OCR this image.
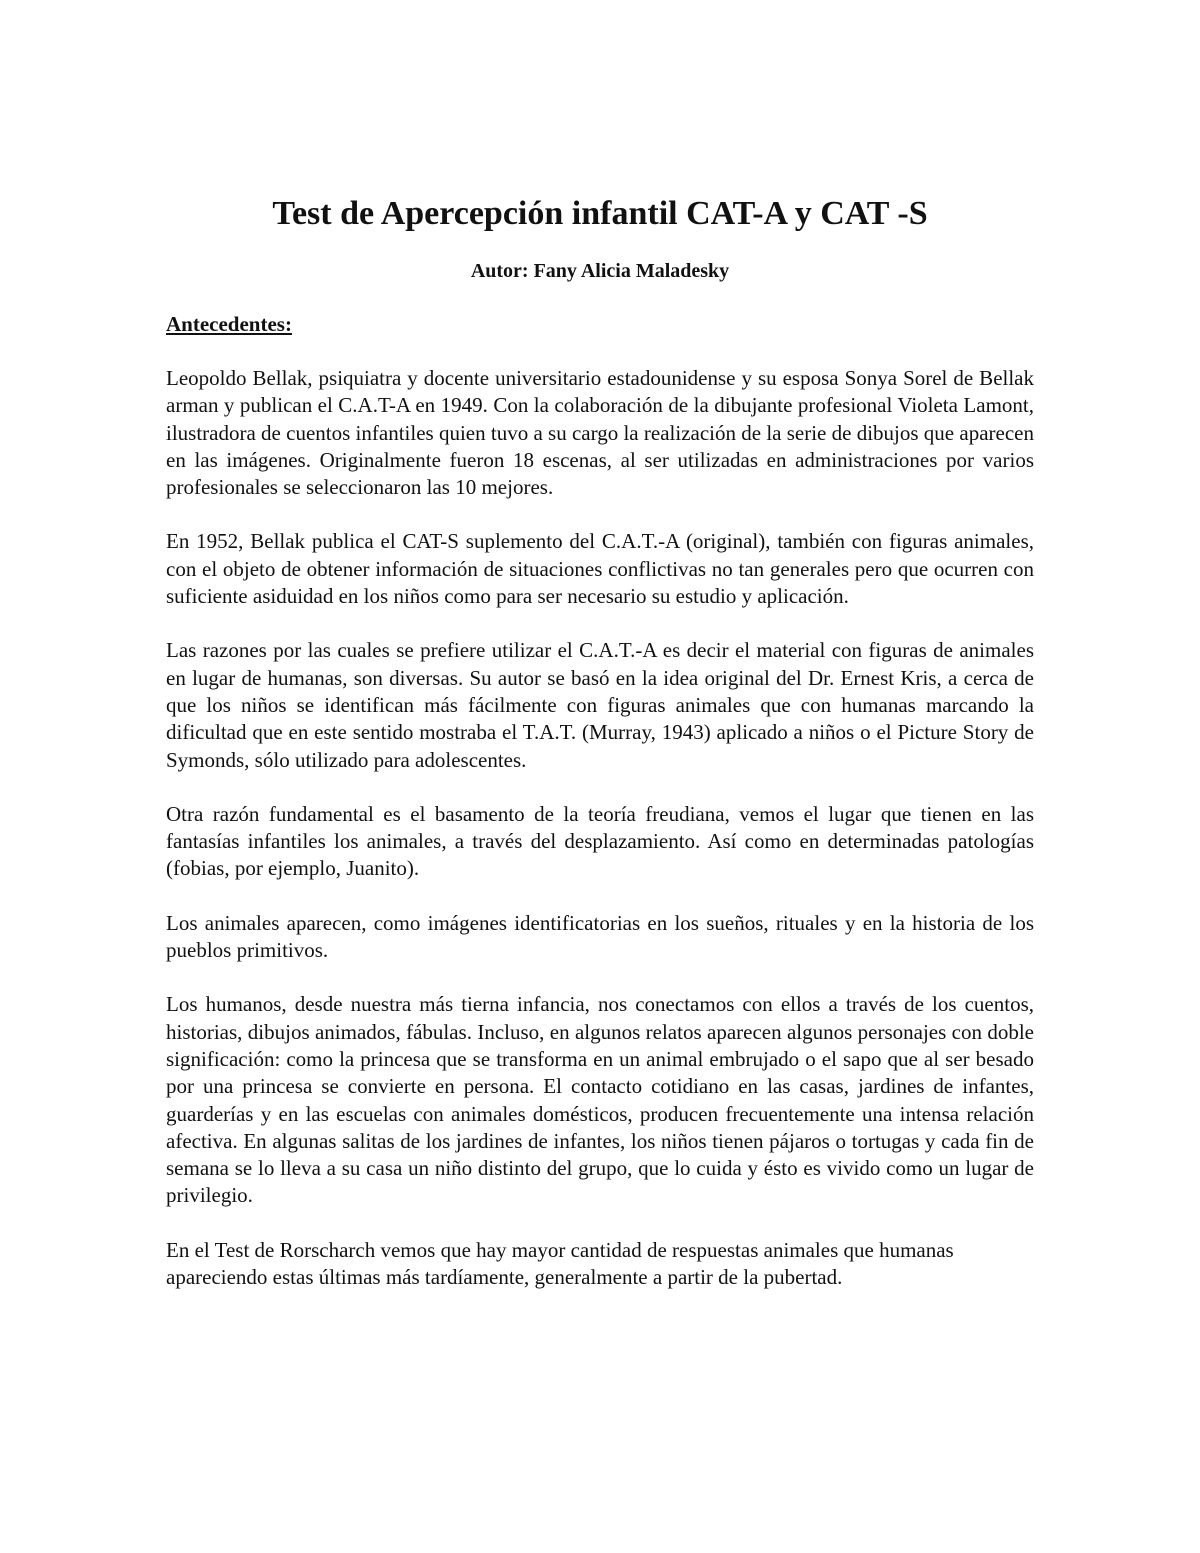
Test de Apercepción infantil CAT-A y CAT -S

Autor: Fany Alicia Maladesky

Antecedentes:

Leopoldo Bellak, psiquiatra y docente universitario estadounidense y su esposa Sonya Sorel de Bellak arman y publican el C.A.T-A en 1949. Con la colaboración de la dibujante profesional Violeta Lamont, ilustradora de cuentos infantiles quien tuvo a su cargo la realización de la serie de dibujos que aparecen en las imágenes. Originalmente fueron 18 escenas, al ser utilizadas en administraciones por varios profesionales se seleccionaron las 10 mejores.

En 1952, Bellak publica el CAT-S suplemento del C.A.T.-A (original), también con figuras animales, con el objeto de obtener información de situaciones conflictivas no tan generales pero que ocurren con suficiente asiduidad en los niños como para ser necesario su estudio y aplicación.

Las razones por las cuales se prefiere utilizar el C.A.T.-A es decir el material con figuras de animales en lugar de humanas, son diversas. Su autor se basó en la idea original del Dr. Ernest Kris, a cerca de que los niños se identifican más fácilmente con figuras animales que con humanas marcando la dificultad que en este sentido mostraba el T.A.T. (Murray, 1943) aplicado a niños o el Picture Story de Symonds, sólo utilizado para adolescentes.

Otra razón fundamental es el basamento de la teoría freudiana, vemos el lugar que tienen en las fantasías infantiles los animales, a través del desplazamiento. Así como en determinadas patologías (fobias, por ejemplo, Juanito).

Los animales aparecen, como imágenes identificatorias en los sueños, rituales y en la historia de los pueblos primitivos.

Los humanos, desde nuestra más tierna infancia, nos conectamos con ellos a través de los cuentos, historias, dibujos animados, fábulas. Incluso, en algunos relatos aparecen algunos personajes con doble significación: como la princesa que se transforma en un animal embrujado o el sapo que al ser besado por una princesa se convierte en persona. El contacto cotidiano en las casas, jardines de infantes, guarderías y en las escuelas con animales domésticos, producen frecuentemente una intensa relación afectiva. En algunas salitas de los jardines de infantes, los niños tienen pájaros o tortugas y cada fin de semana se lo lleva a su casa un niño distinto del grupo, que lo cuida y ésto es vivido como un lugar de privilegio.

En el Test de Rorscharch vemos que hay mayor cantidad de respuestas animales que humanas apareciendo estas últimas más tardíamente, generalmente a partir de la pubertad.
